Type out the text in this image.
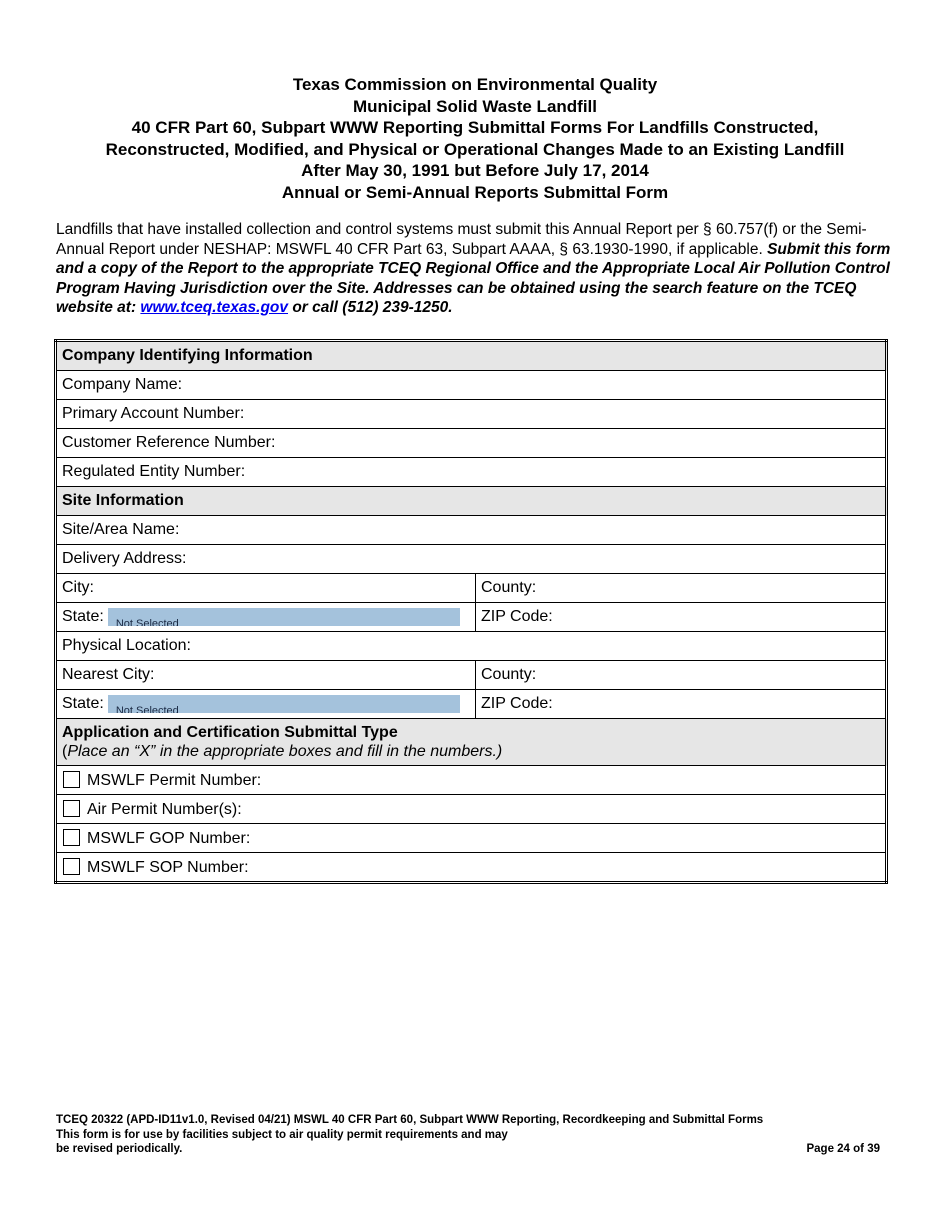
Texas Commission on Environmental Quality
Municipal Solid Waste Landfill
40 CFR Part 60, Subpart WWW Reporting Submittal Forms For Landfills Constructed,
Reconstructed, Modified, and Physical or Operational Changes Made to an Existing Landfill
After May 30, 1991 but Before July 17, 2014
Annual or Semi-Annual Reports Submittal Form
Landfills that have installed collection and control systems must submit this Annual Report per § 60.757(f) or the Semi-Annual Report under NESHAP: MSWFL 40 CFR Part 63, Subpart AAAA, § 63.1930-1990, if applicable. Submit this form and a copy of the Report to the appropriate TCEQ Regional Office and the Appropriate Local Air Pollution Control Program Having Jurisdiction over the Site. Addresses can be obtained using the search feature on the TCEQ website at: www.tceq.texas.gov or call (512) 239-1250.
Company Identifying Information	
Company Name:	
Primary Account Number:	
Customer Reference Number:	
Regulated Entity Number:	
Site Information	
Site/Area Name:	
Delivery Address:	
City:	County:
State: Not Selected	ZIP Code:
Physical Location:	
Nearest City:	County:
State: Not Selected	ZIP Code:
Application and Certification Submittal Type
(Place an “X” in the appropriate boxes and fill in the numbers.)	
MSWLF Permit Number:	
Air Permit Number(s):	
MSWLF GOP Number:	
MSWLF SOP Number:	
TCEQ 20322 (APD-ID11v1.0, Revised 04/21) MSWL 40 CFR Part 60, Subpart WWW Reporting, Recordkeeping and Submittal Forms
This form is for use by facilities subject to air quality permit requirements and may
be revised periodically.	Page 24 of 39
